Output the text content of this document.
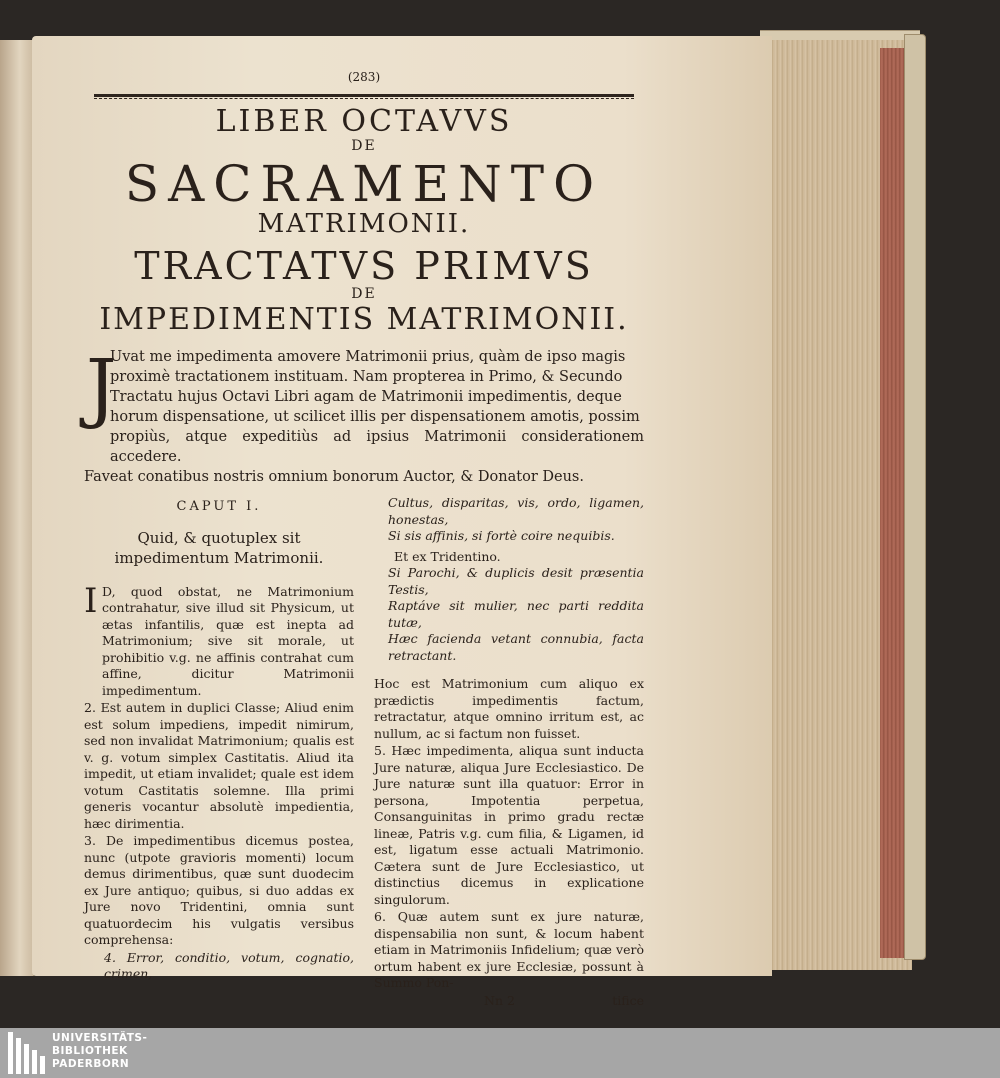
(283)
LIBER OCTAVVS
DE
SACRAMENTO
MATRIMONII.
TRACTATVS PRIMVS
DE
IMPEDIMENTIS MATRIMONII.
J
Uvat me impedimenta amovere Matrimonii prius, quàm de ipso magis
proximè tractationem instituam. Nam propterea in Primo, & Secundo
Tractatu hujus Octavi Libri agam de Matrimonii impedimentis, deque
horum dispensatione, ut scilicet illis per dispensationem amotis, possim
propiùs, atque expeditiùs ad ipsius Matrimonii considerationem accedere.
Faveat conatibus nostris omnium bonorum Auctor, & Donator Deus.
CAPUT I.
Quid, & quotuplex sit impedimentum Matrimonii.
I D, quod obstat, ne Matrimonium contrahatur, sive illud sit Physicum, ut ætas infantilis, quæ est inepta ad Matrimonium; sive sit morale, ut prohibitio v.g. ne affinis contrahat cum affine, dicitur Matrimonii impedimentum.
2. Est autem in duplici Classe; Aliud enim est solum impediens, impedit nimirum, sed non invalidat Matrimonium; qualis est v. g. votum simplex Castitatis. Aliud ita impedit, ut etiam invalidet; quale est idem votum Castitatis solemne. Illa primi generis vocantur absolutè impedientia, hæc dirimentia.
3. De impedimentibus dicemus postea, nunc (utpote gravioris momenti) locum demus dirimentibus, quæ sunt duodecim ex Jure antiquo; quibus, si duo addas ex Jure novo Tridentini, omnia sunt quatuordecim his vulgatis versibus comprehensa:
4. Error, conditio, votum, cognatio, crimen,
Cultus, disparitas, vis, ordo, ligamen, honestas,
Si sis affinis, si fortè coire nequibis.
Et ex Tridentino.
Si Parochi, & duplicis desit præsentia Testis,
Raptáve sit mulier, nec parti reddita tutæ,
Hæc facienda vetant connubia, facta retractant.
Hoc est Matrimonium cum aliquo ex prædictis impedimentis factum, retractatur, atque omnino irritum est, ac nullum, ac si factum non fuisset.
5. Hæc impedimenta, aliqua sunt inducta Jure naturæ, aliqua Jure Ecclesiastico. De Jure naturæ sunt illa quatuor: Error in persona, Impotentia perpetua, Consanguinitas in primo gradu rectæ lineæ, Patris v.g. cum filia, & Ligamen, id est, ligatum esse actuali Matrimonio. Cætera sunt de Jure Ecclesiastico, ut distinctius dicemus in explicatione singulorum.
6. Quæ autem sunt ex jure naturæ, dispensabilia non sunt, & locum habent etiam in Matrimoniis Infidelium; quæ verò ortum habent ex jure Ecclesiæ, possunt à Summo Pon-
Nn 2	tifice
UNIVERSITÄTS-
BIBLIOTHEK
PADERBORN
